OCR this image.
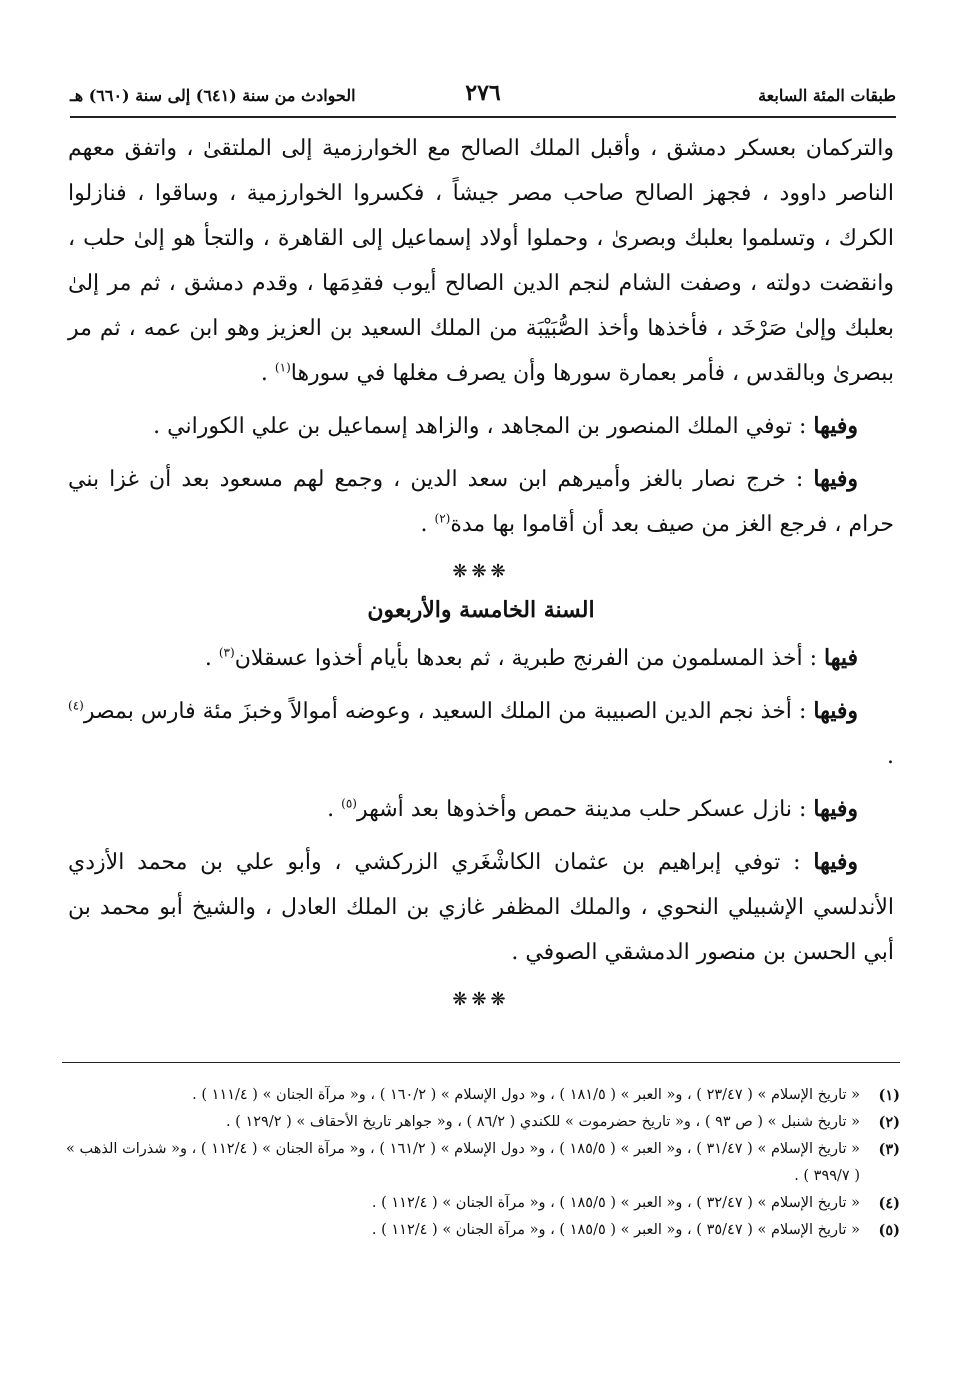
طبقات المئة السابعة
٢٧٦
الحوادث من سنة (٦٤١) إلى سنة (٦٦٠) هـ

والتركمان بعسكر دمشق ، وأقبل الملك الصالح مع الخوارزمية إلى الملتقىٰ ، واتفق معهم الناصر داوود ، فجهز الصالح صاحب مصر جيشاً ، فكسروا الخوارزمية ، وساقوا ، فنازلوا الكرك ، وتسلموا بعلبك وبصرىٰ ، وحملوا أولاد إسماعيل إلى القاهرة ، والتجأ هو إلىٰ حلب ، وانقضت دولته ، وصفت الشام لنجم الدين الصالح أيوب فقدِمَها ، وقدم دمشق ، ثم مر إلىٰ بعلبك وإلىٰ صَرْخَد ، فأخذها وأخذ الصُّبَيْبَة من الملك السعيد بن العزيز وهو ابن عمه ، ثم مر ببصرىٰ وبالقدس ، فأمر بعمارة سورها وأن يصرف مغلها في سورها$^{(١)}$ .

وفيها : توفي الملك المنصور بن المجاهد ، والزاهد إسماعيل بن علي الكوراني .

وفيها : خرج نصار بالغز وأميرهم ابن سعد الدين ، وجمع لهم مسعود بعد أن غزا بني حرام ، فرجع الغز من صيف بعد أن أقاموا بها مدة$^{(٢)}$ .

❋❋❋
السنة الخامسة والأربعون

فيها : أخذ المسلمون من الفرنج طبرية ، ثم بعدها بأيام أخذوا عسقلان$^{(٣)}$ .

وفيها : أخذ نجم الدين الصبيبة من الملك السعيد ، وعوضه أموالاً وخبزَ مئة فارس بمصر$^{(٤)}$ .

وفيها : نازل عسكر حلب مدينة حمص وأخذوها بعد أشهر$^{(٥)}$ .

وفيها : توفي إبراهيم بن عثمان الكاشْغَري الزركشي ، وأبو علي بن محمد الأزدي الأندلسي الإشبيلي النحوي ، والملك المظفر غازي بن الملك العادل ، والشيخ أبو محمد بن أبي الحسن بن منصور الدمشقي الصوفي .

❋❋❋
(١)
« تاريخ الإسلام » ( ٢٣/٤٧ ) ، و« العبر » ( ١٨١/٥ ) ، و« دول الإسلام » ( ١٦٠/٢ ) ، و« مرآة الجنان » ( ١١١/٤ ) .
(٢)
« تاريخ شنبل » ( ص ٩٣ ) ، و« تاريخ حضرموت » للكندي ( ٨٦/٢ ) ، و« جواهر تاريخ الأحقاف » ( ١٢٩/٢ ) .
(٣)
« تاريخ الإسلام » ( ٣١/٤٧ ) ، و« العبر » ( ١٨٥/٥ ) ، و« دول الإسلام » ( ١٦١/٢ ) ، و« مرآة الجنان » ( ١١٢/٤ ) ، و« شذرات الذهب » ( ٣٩٩/٧ ) .
(٤)
« تاريخ الإسلام » ( ٣٢/٤٧ ) ، و« العبر » ( ١٨٥/٥ ) ، و« مرآة الجنان » ( ١١٢/٤ ) .
(٥)
« تاريخ الإسلام » ( ٣٥/٤٧ ) ، و« العبر » ( ١٨٥/٥ ) ، و« مرآة الجنان » ( ١١٢/٤ ) .
